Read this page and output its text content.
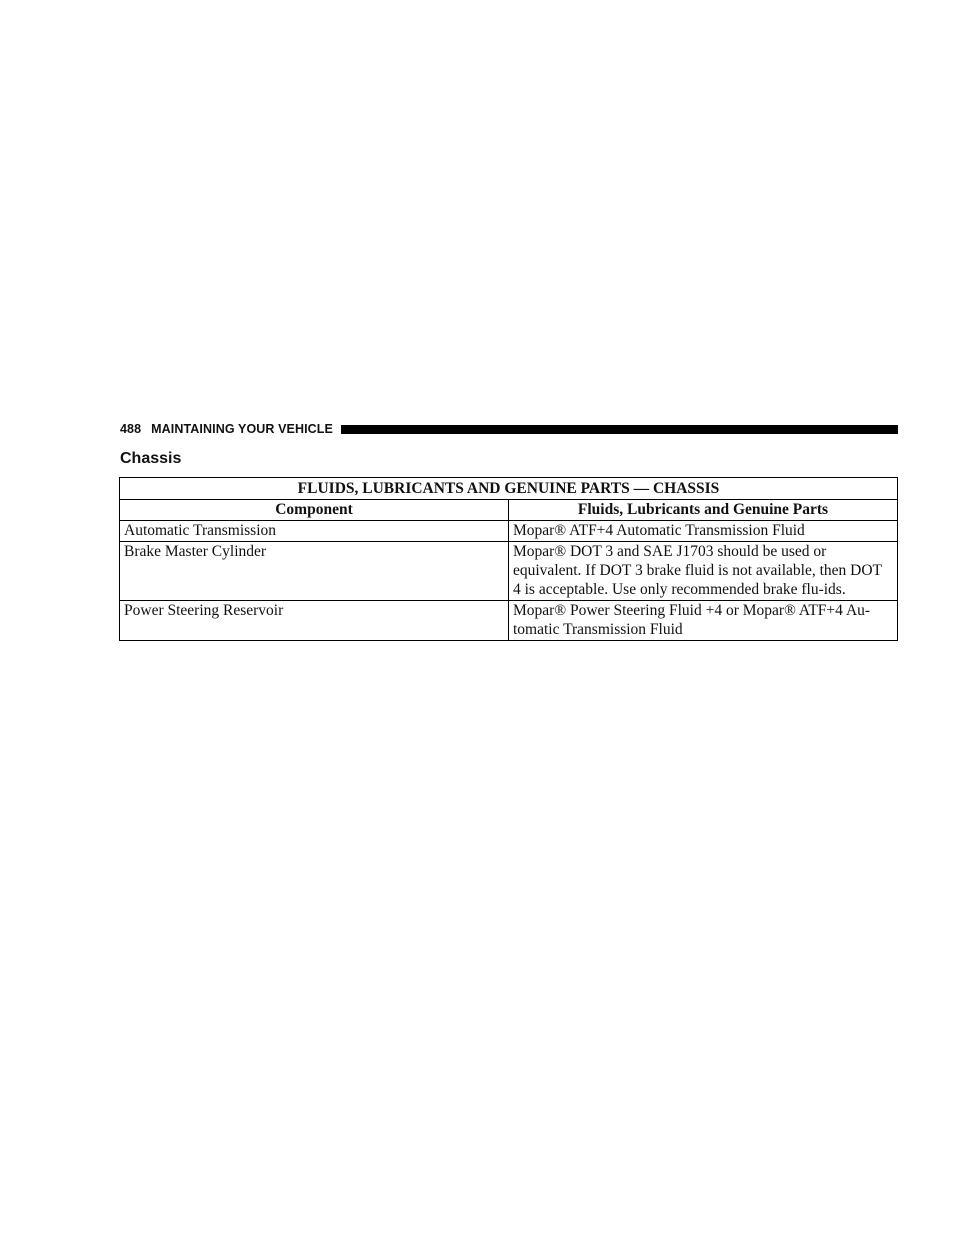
488 MAINTAINING YOUR VEHICLE
Chassis
FLUIDS, LUBRICANTS AND GENUINE PARTS — CHASSIS	
Component	Fluids, Lubricants and Genuine Parts
Automatic Transmission	Mopar® ATF+4 Automatic Transmission Fluid
Brake Master Cylinder	Mopar® DOT 3 and SAE J1703 should be used or equivalent. If DOT 3 brake fluid is not available, then DOT 4 is acceptable. Use only recommended brake flu-ids.
Power Steering Reservoir	Mopar® Power Steering Fluid +4 or Mopar® ATF+4 Au-tomatic Transmission Fluid
